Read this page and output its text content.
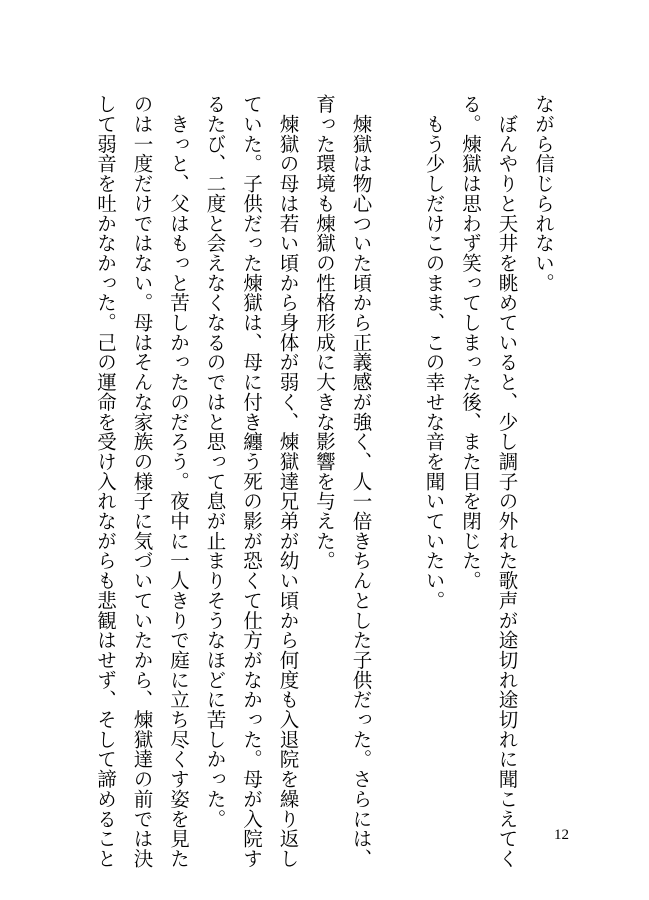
ながら信じられない。
　ぼんやりと天井を眺めていると、少し調子の外れた歌声が途切れ途切れに聞こえてく
る。煉獄は思わず笑ってしまった後、また目を閉じた。
　もう少しだけこのまま、この幸せな音を聞いていたい。
　煉獄は物心ついた頃から正義感が強く、人一倍きちんとした子供だった。さらには、
育った環境も煉獄の性格形成に大きな影響を与えた。
　煉獄の母は若い頃から身体が弱く、煉獄達兄弟が幼い頃から何度も入退院を繰り返し
ていた。子供だった煉獄は、母に付き纏う死の影が恐くて仕方がなかった。母が入院す
るたび、二度と会えなくなるのではと思って息が止まりそうなほどに苦しかった。
　きっと、父はもっと苦しかったのだろう。夜中に一人きりで庭に立ち尽くす姿を見た
のは一度だけではない。母はそんな家族の様子に気づいていたから、煉獄達の前では決
して弱音を吐かなかった。己の運命を受け入れながらも悲観はせず、そして諦めること	12
